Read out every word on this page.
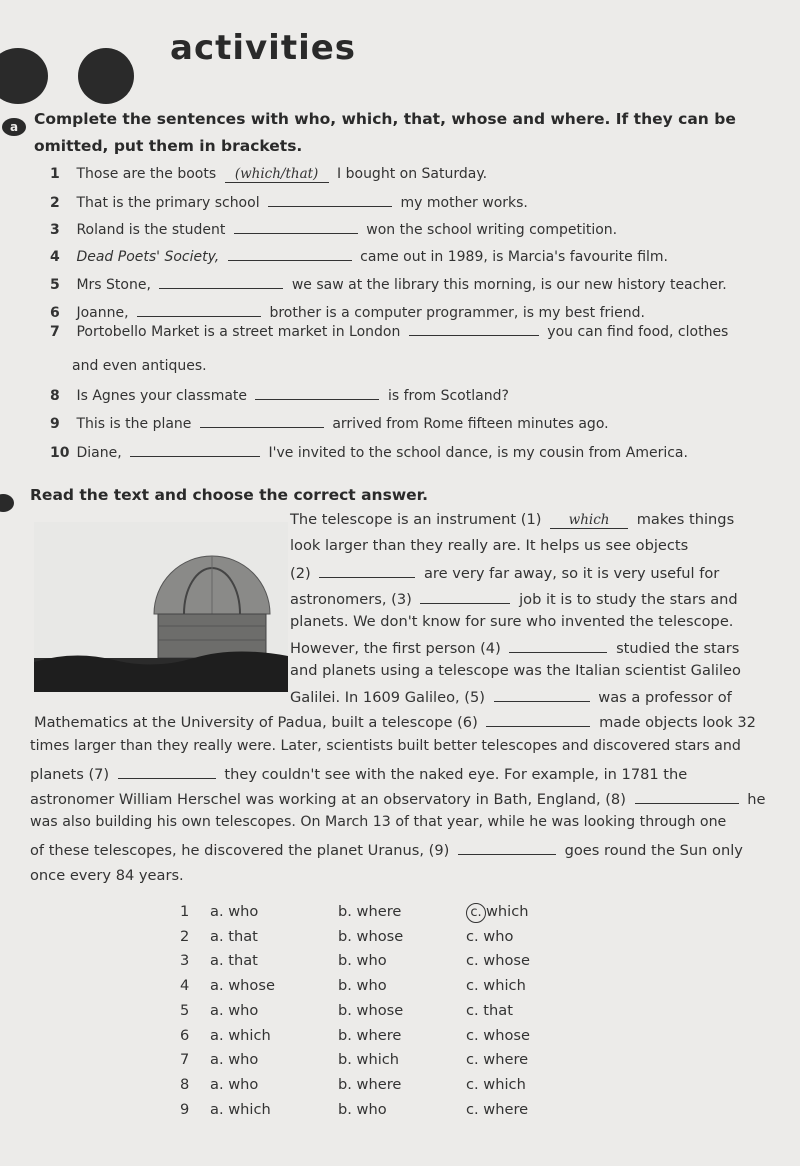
activities
a	Complete the sentences with who, which, that, whose and where. If they can be omitted, put them in brackets.
1 Those are the boots (which/that) I bought on Saturday.
2 That is the primary school	my mother works.
3 Roland is the student	won the school writing competition.
4 Dead Poets' Society,	came out in 1989, is Marcia's favourite film.
5 Mrs Stone,	we saw at the library this morning, is our new history teacher.
6 Joanne,	brother is a computer programmer, is my best friend.
7 Portobello Market is a street market in London	you can find food, clothes
and even antiques.
8 Is Agnes your classmate	is from Scotland?
9 This is the plane	arrived from Rome fifteen minutes ago.
10 Diane,	I've invited to the school dance, is my cousin from America.
Read the text and choose the correct answer.
The telescope is an instrument (1) which makes things
look larger than they really are. It helps us see objects
(2)	are very far away, so it is very useful for
astronomers, (3)	job it is to study the stars and
planets. We don't know for sure who invented the telescope.
However, the first person (4)	studied the stars
and planets using a telescope was the Italian scientist Galileo
Galilei. In 1609 Galileo, (5)	was a professor of
Mathematics at the University of Padua, built a telescope (6)	made objects look 32
times larger than they really were. Later, scientists built better telescopes and discovered stars and
planets (7)	they couldn't see with the naked eye. For example, in 1781 the
astronomer William Herschel was working at an observatory in Bath, England, (8)	he
was also building his own telescopes. On March 13 of that year, while he was looking through one
of these telescopes, he discovered the planet Uranus, (9)	goes round the Sun only
once every 84 years.
1 a. who	b. where	c. which
2 a. that	b. whose	c. who
3 a. that	b. who	c. whose
4 a. whose	b. who	c. which
5 a. who	b. whose	c. that
6 a. which	b. where	c. whose
7 a. who	b. which	c. where
8 a. who	b. where	c. which
9 a. which	b. who	c. where
